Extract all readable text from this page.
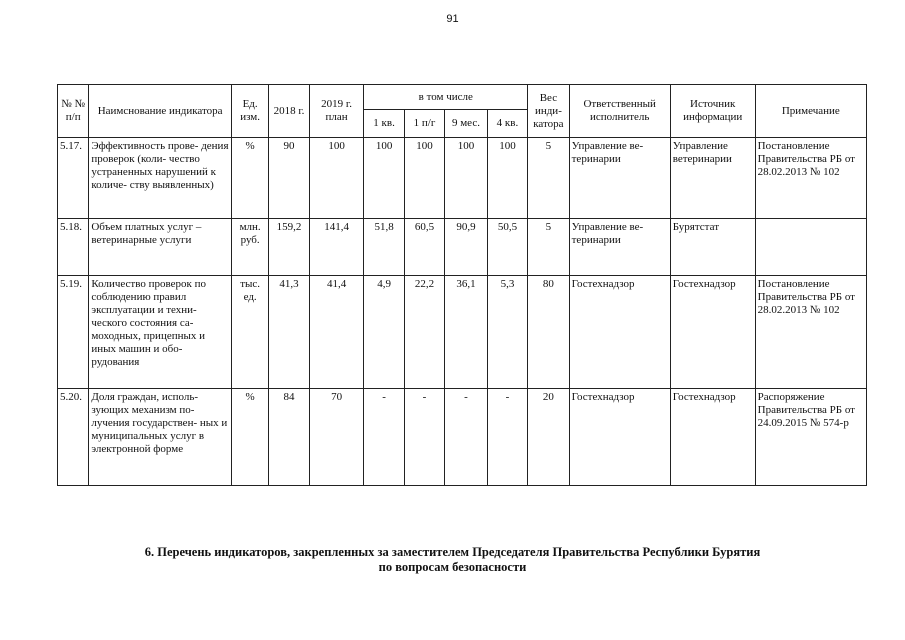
91
№ № п/п	Наимснование индикатора	Ед. изм.	2018 г.	2019 г. план	в том числе				Вес инди- катора	Ответственный исполнитель	Источник информации	Примечание
					1 кв.	1 п/г	9 мес.	4 кв.				
5.17.	Эффективность прове- дения проверок (коли- чество устраненных нарушений к количе- ству выявленных)	%	90	100	100	100	100	100	5	Управление ве- теринарии	Управление ветеринарии	Постановление Правительства РБ от 28.02.2013 № 102
5.18.	Объем платных услуг – ветеринарные услуги	млн. руб.	159,2	141,4	51,8	60,5	90,9	50,5	5	Управление ве- теринарии	Бурятстат	
5.19.	Количество проверок по соблюдению правил эксплуатации и техни- ческого состояния са- моходных, прицепных и иных машин и обо- рудования	тыс. ед.	41,3	41,4	4,9	22,2	36,1	5,3	80	Гостехнадзор	Гостехнадзор	Постановление Правительства РБ от 28.02.2013 № 102
5.20.	Доля граждан, исполь- зующих механизм по- лучения государствен- ных и муниципальных услуг в электронной форме	%	84	70	-	-	-	-	20	Гостехнадзор	Гостехнадзор	Распоряжение Правительства РБ от 24.09.2015 № 574-р
6. Перечень индикаторов, закрепленных за заместителем Председателя Правительства Республики Бурятия
по вопросам безопасности
